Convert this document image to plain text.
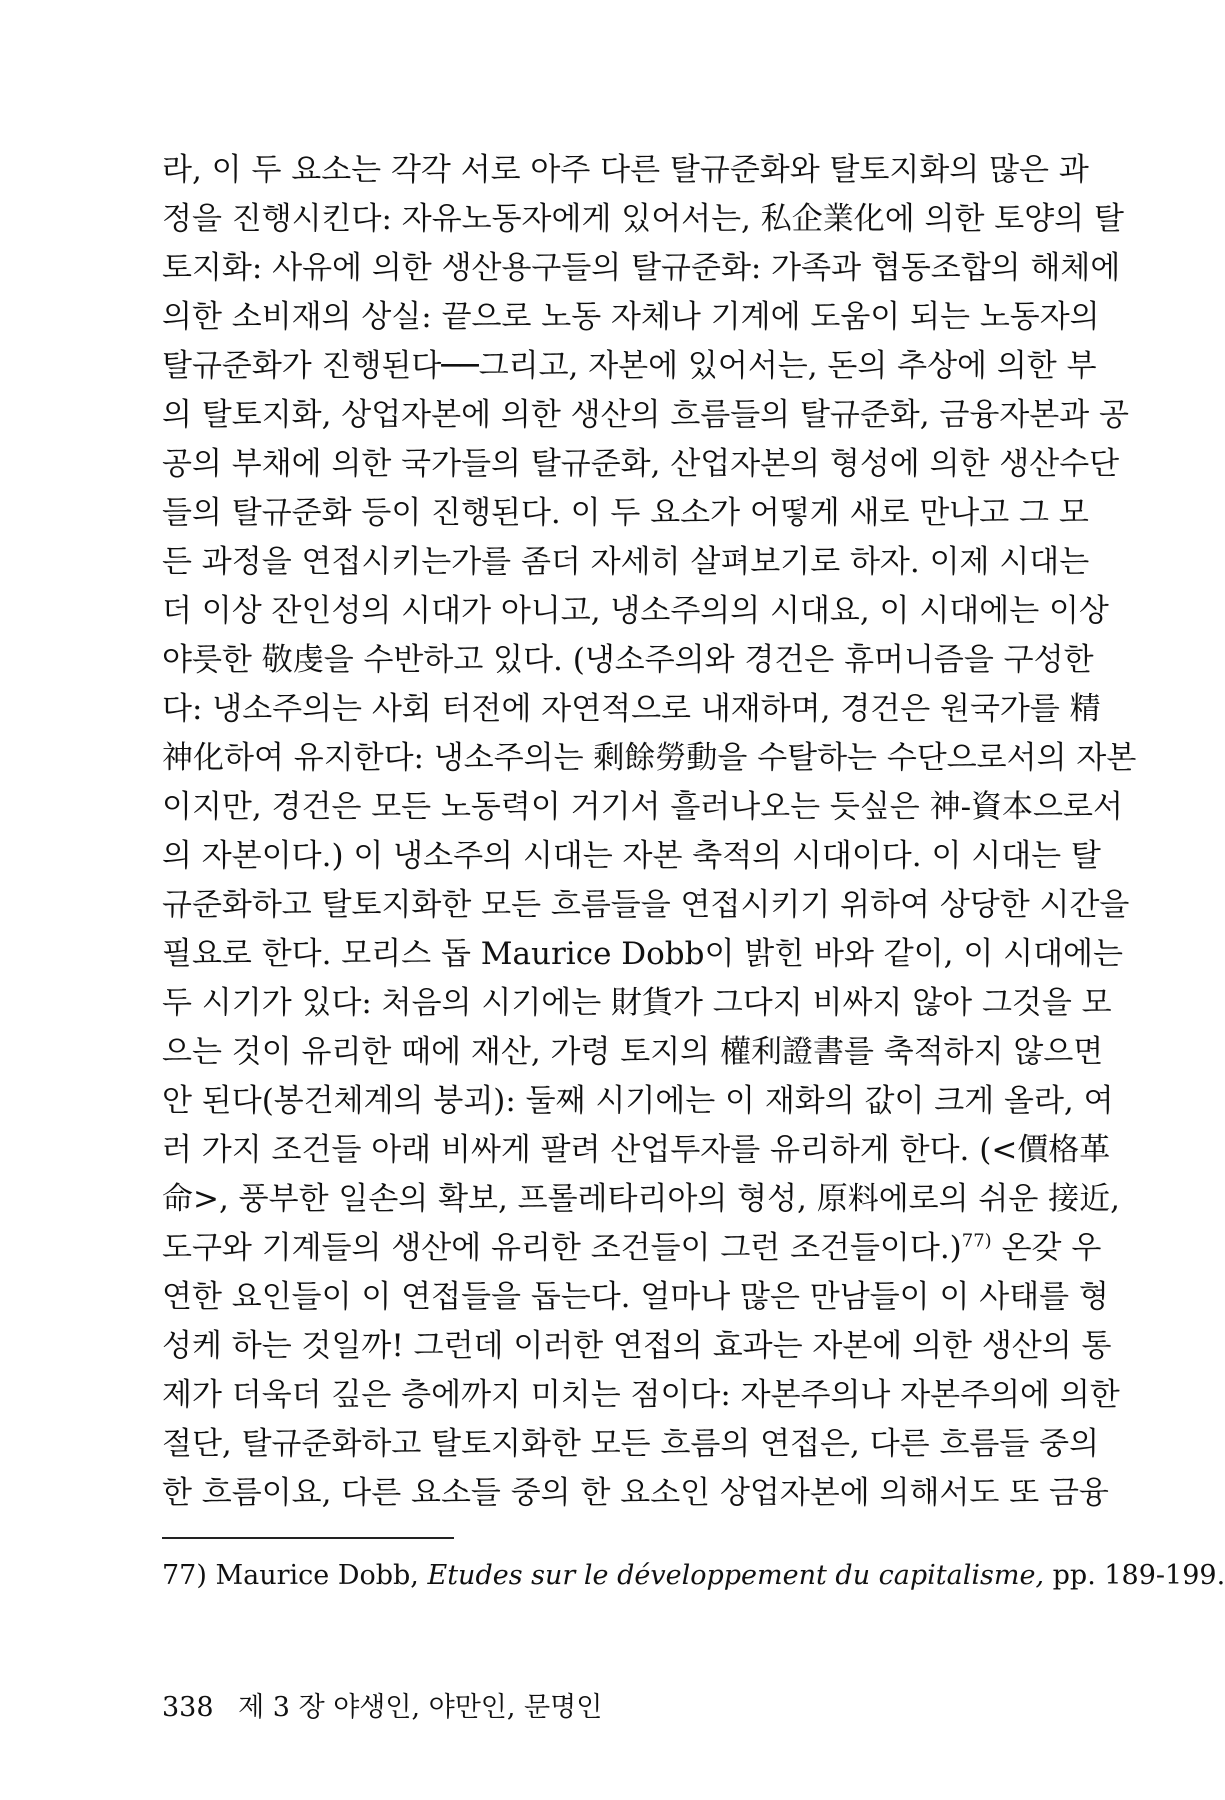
라, 이 두 요소는 각각 서로 아주 다른 탈규준화와 탈토지화의 많은 과
정을 진행시킨다: 자유노동자에게 있어서는, 私企業化에 의한 토양의 탈
토지화: 사유에 의한 생산용구들의 탈규준화: 가족과 협동조합의 해체에
의한 소비재의 상실: 끝으로 노동 자체나 기계에 도움이 되는 노동자의
탈규준화가 진행된다──그리고, 자본에 있어서는, 돈의 추상에 의한 부
의 탈토지화, 상업자본에 의한 생산의 흐름들의 탈규준화, 금융자본과 공
공의 부채에 의한 국가들의 탈규준화, 산업자본의 형성에 의한 생산수단
들의 탈규준화 등이 진행된다. 이 두 요소가 어떻게 새로 만나고 그 모
든 과정을 연접시키는가를 좀더 자세히 살펴보기로 하자. 이제 시대는
더 이상 잔인성의 시대가 아니고, 냉소주의의 시대요, 이 시대에는 이상
야릇한 敬虔을 수반하고 있다. (냉소주의와 경건은 휴머니즘을 구성한
다: 냉소주의는 사회 터전에 자연적으로 내재하며, 경건은 원국가를 精
神化하여 유지한다: 냉소주의는 剩餘勞動을 수탈하는 수단으로서의 자본
이지만, 경건은 모든 노동력이 거기서 흘러나오는 듯싶은 神-資本으로서
의 자본이다.) 이 냉소주의 시대는 자본 축적의 시대이다. 이 시대는 탈
규준화하고 탈토지화한 모든 흐름들을 연접시키기 위하여 상당한 시간을
필요로 한다. 모리스 돕 Maurice Dobb이 밝힌 바와 같이, 이 시대에는
두 시기가 있다: 처음의 시기에는 財貨가 그다지 비싸지 않아 그것을 모
으는 것이 유리한 때에 재산, 가령 토지의 權利證書를 축적하지 않으면
안 된다(봉건체계의 붕괴): 둘째 시기에는 이 재화의 값이 크게 올라, 여
러 가지 조건들 아래 비싸게 팔려 산업투자를 유리하게 한다. (<價格革
命>, 풍부한 일손의 확보, 프롤레타리아의 형성, 原料에로의 쉬운 接近,
도구와 기계들의 생산에 유리한 조건들이 그런 조건들이다.)$^{77)}$ 온갖 우
연한 요인들이 이 연접들을 돕는다. 얼마나 많은 만남들이 이 사태를 형
성케 하는 것일까! 그런데 이러한 연접의 효과는 자본에 의한 생산의 통
제가 더욱더 깊은 층에까지 미치는 점이다: 자본주의나 자본주의에 의한
절단, 탈규준화하고 탈토지화한 모든 흐름의 연접은, 다른 흐름들 중의
한 흐름이요, 다른 요소들 중의 한 요소인 상업자본에 의해서도 또 금융
77) Maurice Dobb, Etudes sur le développement du capitalisme, pp. 189-199.
338 제 3 장 야생인, 야만인, 문명인
